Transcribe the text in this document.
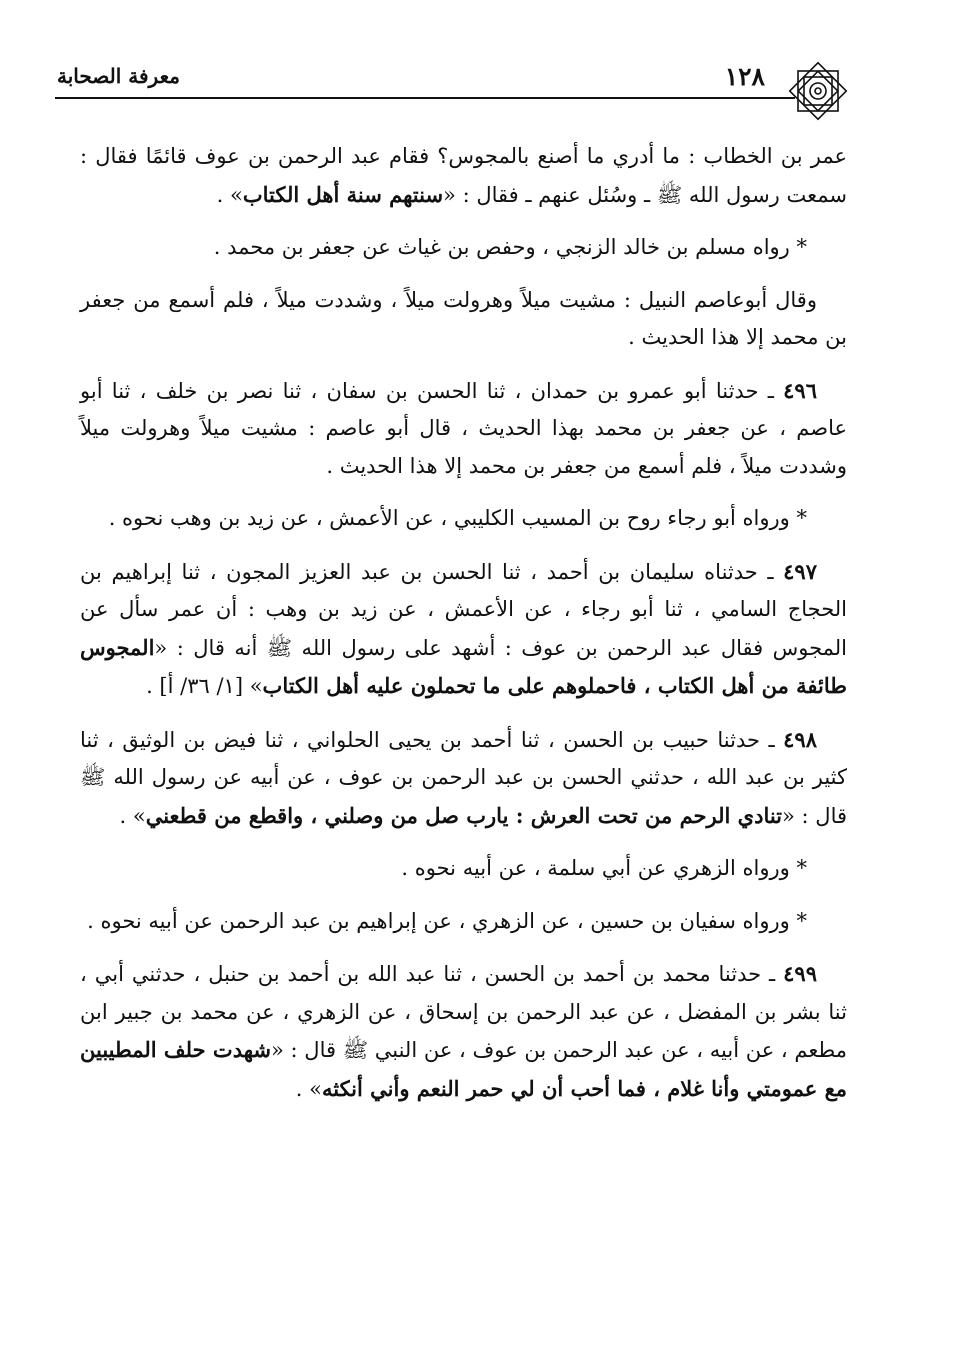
١٢٨
معرفة الصحابة

عمر بن الخطاب : ما أدري ما أصنع بالمجوس؟ فقام عبد الرحمن بن عوف قائمًا فقال : سمعت رسول الله ﷺ ـ وسُئل عنهم ـ فقال : «سنتهم سنة أهل الكتاب» .

* رواه مسلم بن خالد الزنجي ، وحفص بن غياث عن جعفر بن محمد .

وقال أبوعاصم النبيل : مشيت ميلاً وهرولت ميلاً ، وشددت ميلاً ، فلم أسمع من جعفر بن محمد إلا هذا الحديث .

٤٩٦ ـ حدثنا أبو عمرو بن حمدان ، ثنا الحسن بن سفان ، ثنا نصر بن خلف ، ثنا أبو عاصم ، عن جعفر بن محمد بهذا الحديث ، قال أبو عاصم : مشيت ميلاً وهرولت ميلاً وشددت ميلاً ، فلم أسمع من جعفر بن محمد إلا هذا الحديث .

* ورواه أبو رجاء روح بن المسيب الكليبي ، عن الأعمش ، عن زيد بن وهب نحوه .

٤٩٧ ـ حدثناه سليمان بن أحمد ، ثنا الحسن بن عبد العزيز المجون ، ثنا إبراهيم بن الحجاج السامي ، ثنا أبو رجاء ، عن الأعمش ، عن زيد بن وهب : أن عمر سأل عن المجوس فقال عبد الرحمن بن عوف : أشهد على رسول الله ﷺ أنه قال : «المجوس طائفة من أهل الكتاب ، فاحملوهم على ما تحملون عليه أهل الكتاب» [١/ ٣٦/ أ] .

٤٩٨ ـ حدثنا حبيب بن الحسن ، ثنا أحمد بن يحيى الحلواني ، ثنا فيض بن الوثيق ، ثنا كثير بن عبد الله ، حدثني الحسن بن عبد الرحمن بن عوف ، عن أبيه عن رسول الله ﷺ قال : «تنادي الرحم من تحت العرش : يارب صل من وصلني ، واقطع من قطعني» .

* ورواه الزهري عن أبي سلمة ، عن أبيه نحوه .

* ورواه سفيان بن حسين ، عن الزهري ، عن إبراهيم بن عبد الرحمن عن أبيه نحوه .

٤٩٩ ـ حدثنا محمد بن أحمد بن الحسن ، ثنا عبد الله بن أحمد بن حنبل ، حدثني أبي ، ثنا بشر بن المفضل ، عن عبد الرحمن بن إسحاق ، عن الزهري ، عن محمد بن جبير ابن مطعم ، عن أبيه ، عن عبد الرحمن بن عوف ، عن النبي ﷺ قال : «شهدت حلف المطيبين مع عمومتي وأنا غلام ، فما أحب أن لي حمر النعم وأني أنكثه» .
